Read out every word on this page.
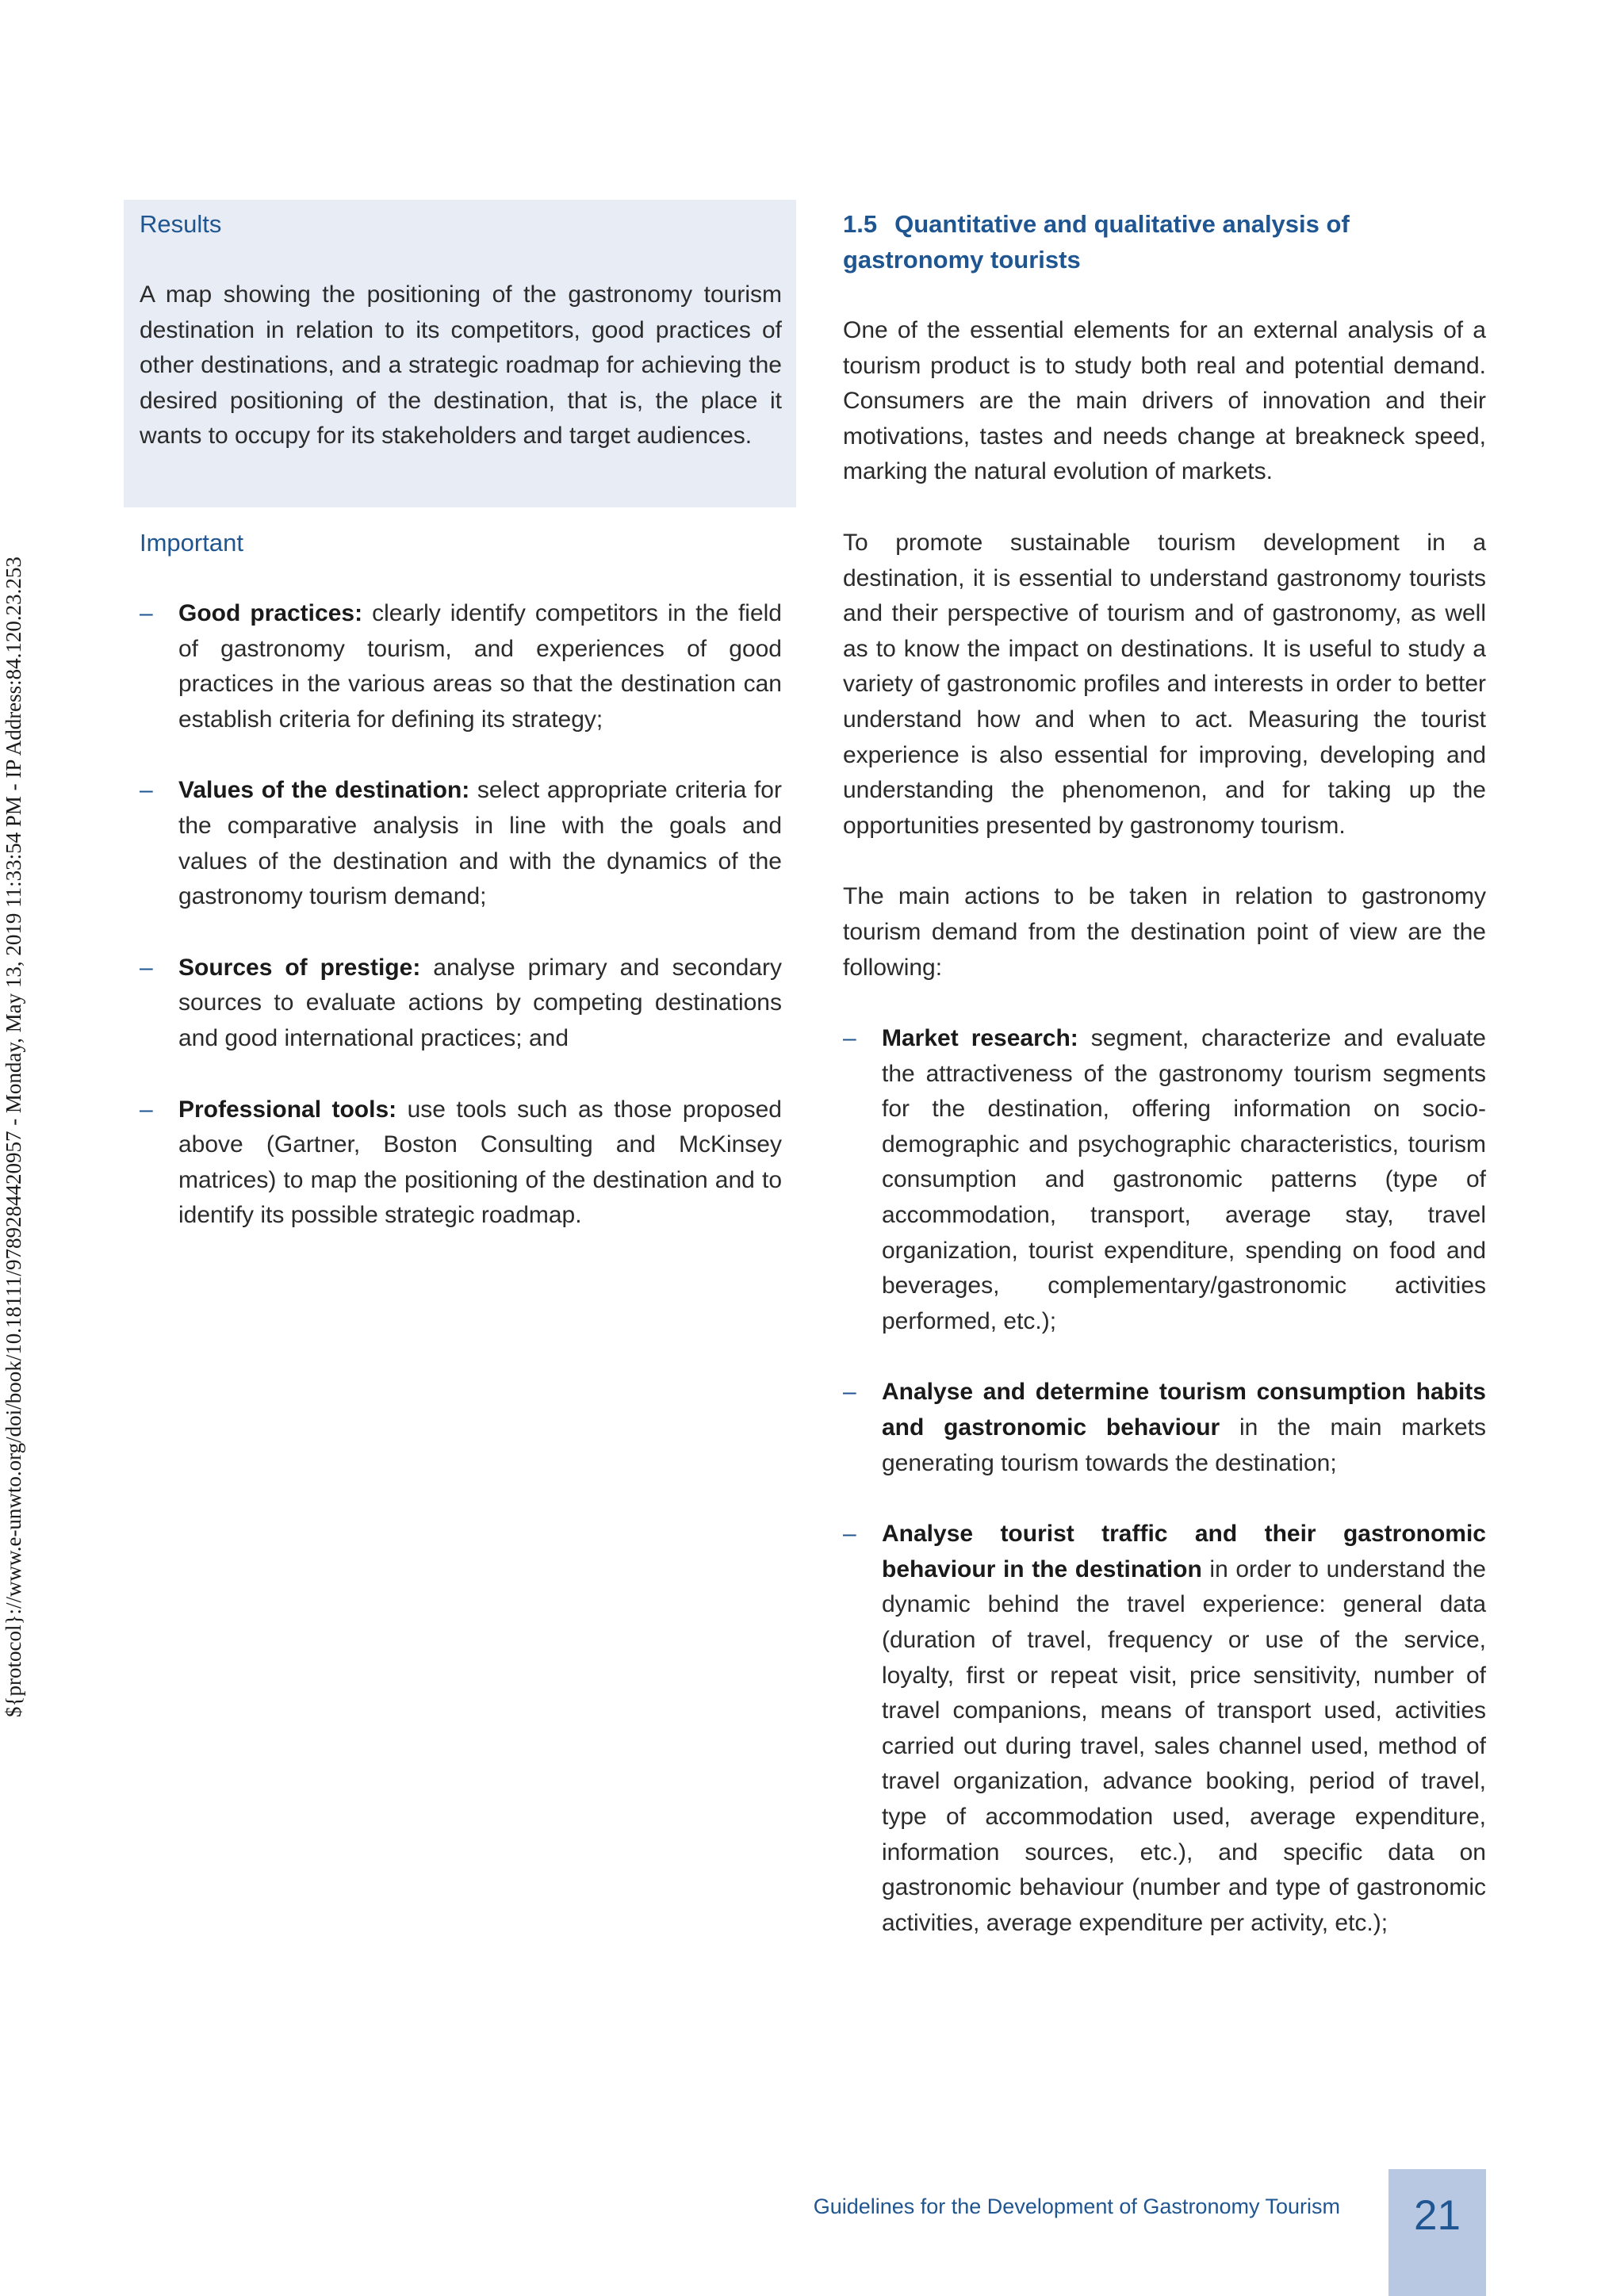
${protocol}://www.e-unwto.org/doi/book/10.18111/9789284420957 - Monday, May 13, 2019 11:33:54 PM - IP Address:84.120.23.253
Results

A map showing the positioning of the gastronomy tourism destination in relation to its competitors, good practices of other destinations, and a strategic roadmap for achieving the desired positioning of the destination, that is, the place it wants to occupy for its stakeholders and target audiences.

Important
– Good practices: clearly identify competitors in the field of gastronomy tourism, and experiences of good practices in the various areas so that the destination can establish criteria for defining its strategy;
– Values of the destination: select appropriate criteria for the comparative analysis in line with the goals and values of the destination and with the dynamics of the gastronomy tourism demand;
– Sources of prestige: analyse primary and secondary sources to evaluate actions by competing destinations and good international practices; and
– Professional tools: use tools such as those proposed above (Gartner, Boston Consulting and McKinsey matrices) to map the positioning of the destination and to identify its possible strategic roadmap.
1.5 Quantitative and qualitative analysis of gastronomy tourists

One of the essential elements for an external analysis of a tourism product is to study both real and potential demand. Consumers are the main drivers of innovation and their motivations, tastes and needs change at breakneck speed, marking the natural evolution of markets.

To promote sustainable tourism development in a destination, it is essential to understand gastronomy tourists and their perspective of tourism and of gastronomy, as well as to know the impact on destinations. It is useful to study a variety of gastronomic profiles and interests in order to better understand how and when to act. Measuring the tourist experience is also essential for improving, developing and understanding the phenomenon, and for taking up the opportunities presented by gastronomy tourism.

The main actions to be taken in relation to gastronomy tourism demand from the destination point of view are the following:

– Market research: segment, characterize and evaluate the attractiveness of the gastronomy tourism segments for the destination, offering information on socio-demographic and psychographic characteristics, tourism consumption and gastronomic patterns (type of accommodation, transport, average stay, travel organization, tourist expenditure, spending on food and beverages, complementary/gastronomic activities performed, etc.);
– Analyse and determine tourism consumption habits and gastronomic behaviour in the main markets generating tourism towards the destination;
– Analyse tourist traffic and their gastronomic behaviour in the destination in order to understand the dynamic behind the travel experience: general data (duration of travel, frequency or use of the service, loyalty, first or repeat visit, price sensitivity, number of travel companions, means of transport used, activities carried out during travel, sales channel used, method of travel organization, advance booking, period of travel, type of accommodation used, average expenditure, information sources, etc.), and specific data on gastronomic behaviour (number and type of gastronomic activities, average expenditure per activity, etc.);
Guidelines for the Development of Gastronomy Tourism	21
